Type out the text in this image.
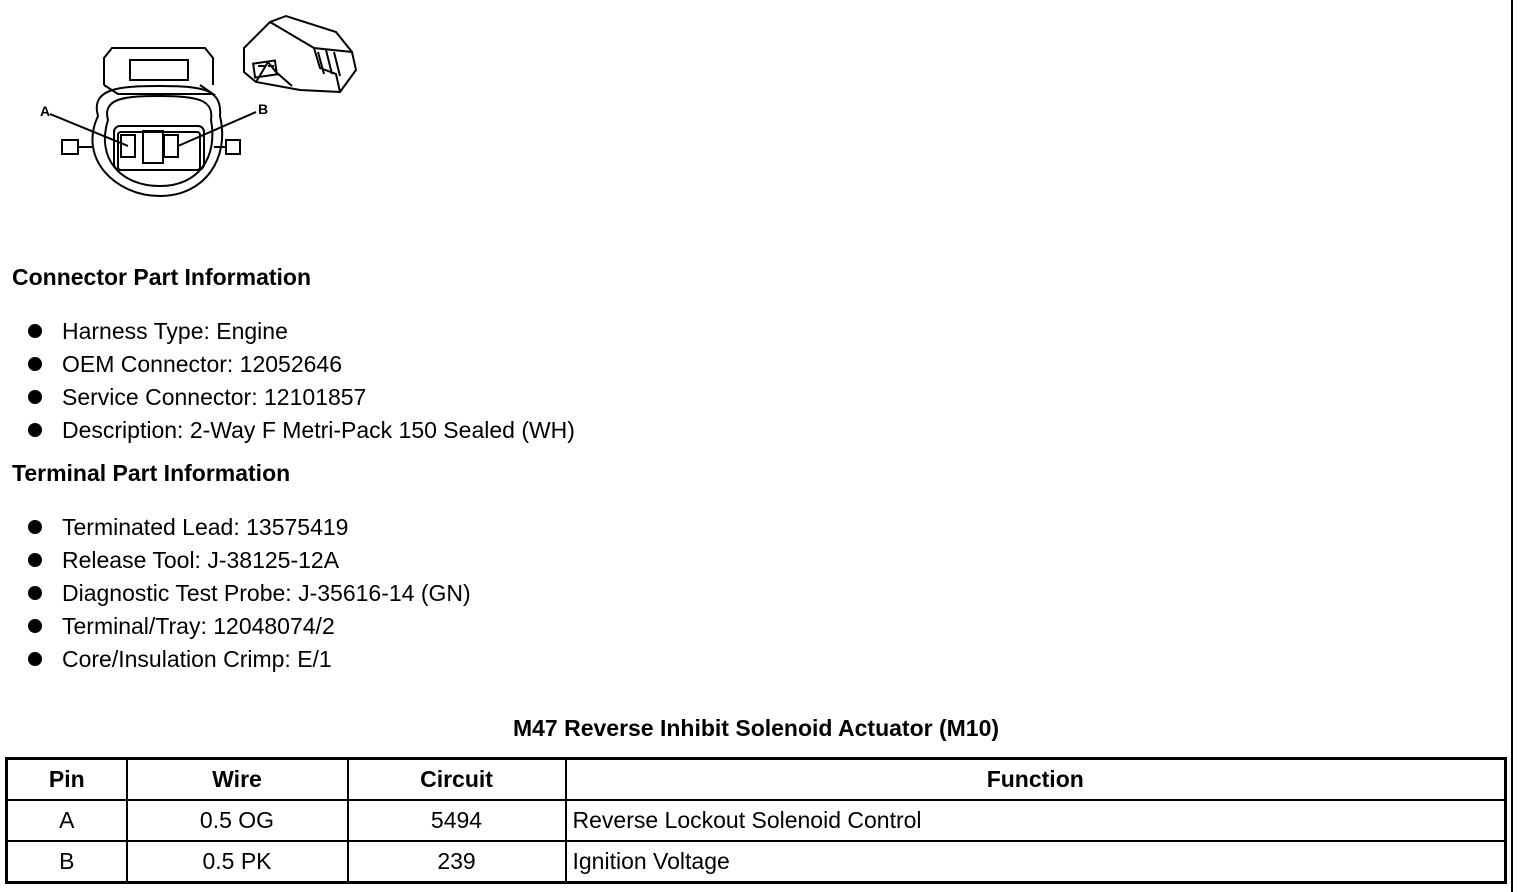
A	B
Connector Part Information
Harness Type: Engine
OEM Connector: 12052646
Service Connector: 12101857
Description: 2-Way F Metri-Pack 150 Sealed (WH)
Terminal Part Information
Terminated Lead: 13575419
Release Tool: J-38125-12A
Diagnostic Test Probe: J-35616-14 (GN)
Terminal/Tray: 12048074/2
Core/Insulation Crimp: E/1
M47 Reverse Inhibit Solenoid Actuator (M10)
Pin	Wire	Circuit	Function
A	0.5 OG	5494	Reverse Lockout Solenoid Control
B	0.5 PK	239	Ignition Voltage
